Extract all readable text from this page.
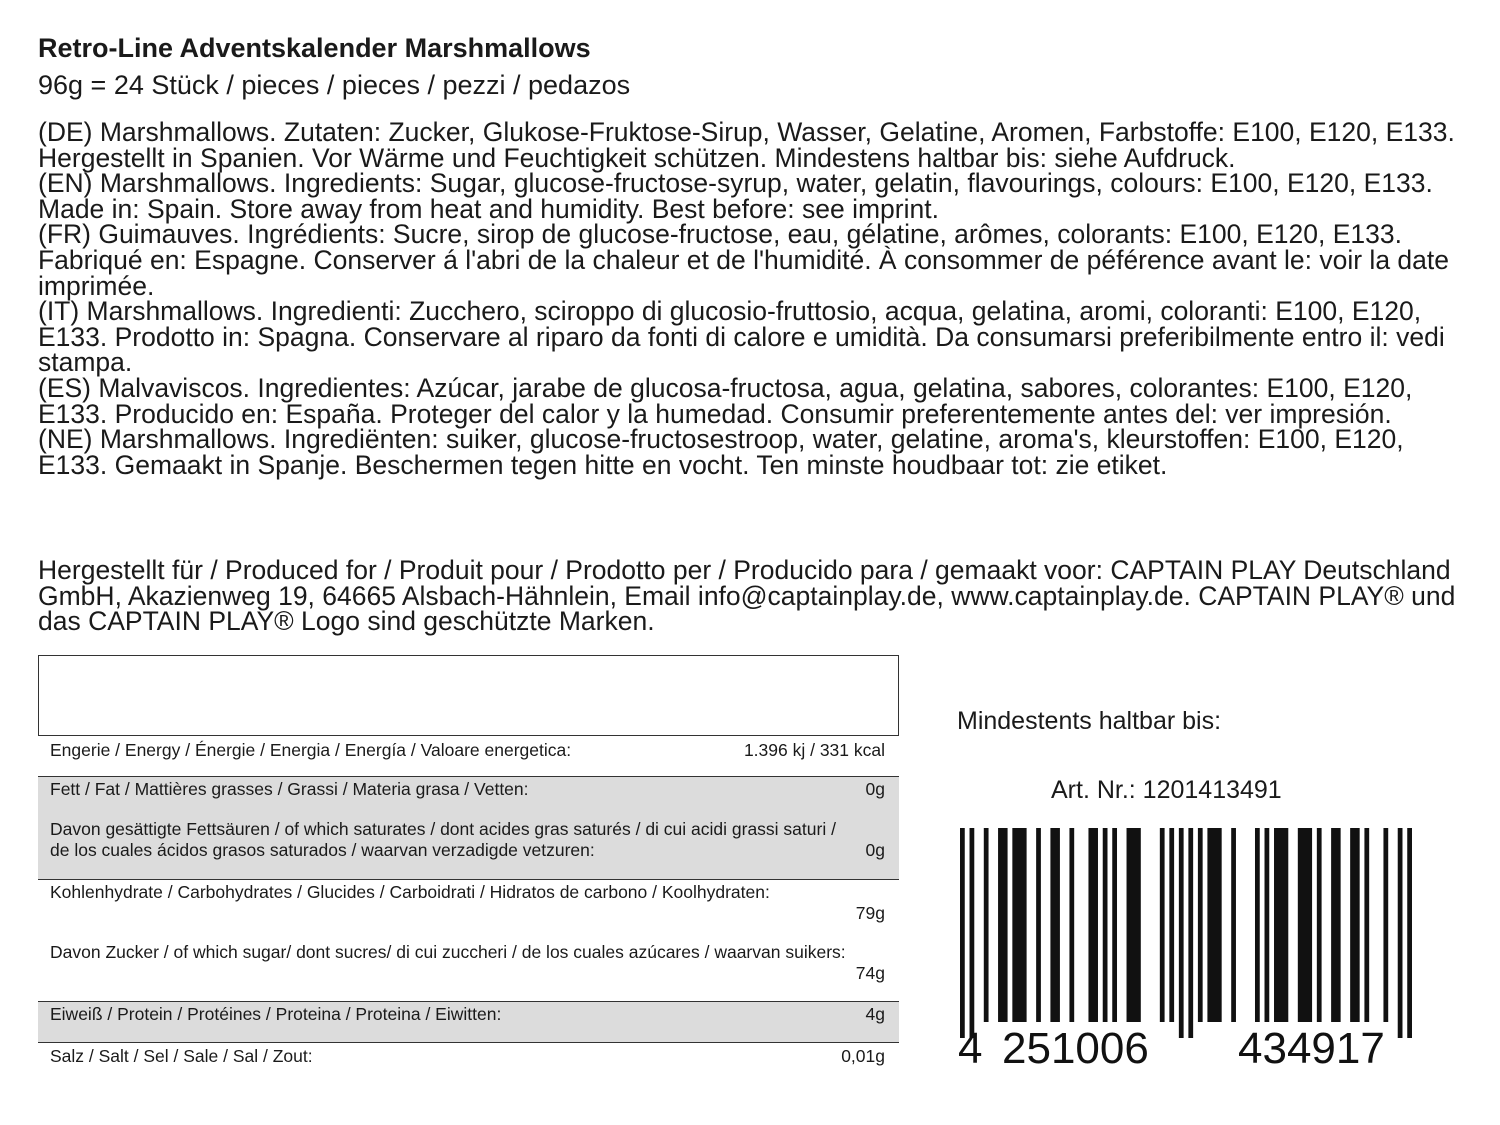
Retro-Line Adventskalender Marshmallows
96g = 24 Stück / pieces / pieces / pezzi / pedazos

(DE) Marshmallows. Zutaten: Zucker, Glukose-Fruktose-Sirup, Wasser, Gelatine, Aromen, Farbstoffe: E100, E120, E133. Hergestellt in Spanien. Vor Wärme und Feuchtigkeit schützen. Mindestens haltbar bis: siehe Aufdruck.

(EN) Marshmallows. Ingredients: Sugar, glucose-fructose-syrup, water, gelatin, flavourings, colours: E100, E120, E133. Made in: Spain. Store away from heat and humidity. Best before: see imprint.

(FR) Guimauves. Ingrédients: Sucre, sirop de glucose-fructose, eau, gélatine, arômes, colorants: E100, E120, E133. Fabriqué en: Espagne. Conserver á l'abri de la chaleur et de l'humidité. À consommer de péférence avant le: voir la date imprimée.

(IT) Marshmallows. Ingredienti: Zucchero, sciroppo di glucosio-fruttosio, acqua, gelatina, aromi, coloranti: E100, E120, E133. Prodotto in: Spagna. Conservare al riparo da fonti di calore e umidità. Da consumarsi preferibilmente entro il: vedi stampa.

(ES) Malvaviscos. Ingredientes: Azúcar, jarabe de glucosa-fructosa, agua, gelatina, sabores, colorantes: E100, E120, E133. Producido en: España. Proteger del calor y la humedad. Consumir preferentemente antes del: ver impresión.

(NE) Marshmallows. Ingrediënten: suiker, glucose-fructosestroop, water, gelatine, aroma's, kleurstoffen: E100, E120, E133. Gemaakt in Spanje. Beschermen tegen hitte en vocht. Ten minste houdbaar tot: zie etiket.

Hergestellt für / Produced for / Produit pour / Prodotto per / Producido para / gemaakt voor: CAPTAIN PLAY Deutschland GmbH, Akazienweg 19, 64665 Alsbach-Hähnlein, Email info@captainplay.de, www.captainplay.de. CAPTAIN PLAY® und das CAPTAIN PLAY® Logo sind geschützte Marken.

Engerie / Energy / Énergie / Energia / Energía / Valoare energetica:	1.396 kj / 331 kcal
Fett / Fat / Mattières grasses / Grassi / Materia grasa / Vetten:	0g
Davon gesättigte Fettsäuren / of which saturates / dont acides gras saturés / di cui acidi grassi saturi / de los cuales ácidos grasos saturados / waarvan verzadigde vetzuren:	0g
Kohlenhydrate / Carbohydrates / Glucides / Carboidrati / Hidratos de carbono / Koolhydraten:
79g
Davon Zucker / of which sugar/ dont sucres/ di cui zuccheri / de los cuales azúcares / waarvan suikers:
74g
Eiweiß / Protein / Protéines / Proteina / Proteina / Eiwitten:	4g
Salz / Salt / Sel / Sale / Sal / Zout:	0,01g
Mindestents haltbar bis:
Art. Nr.: 1201413491
4 251006 434917
